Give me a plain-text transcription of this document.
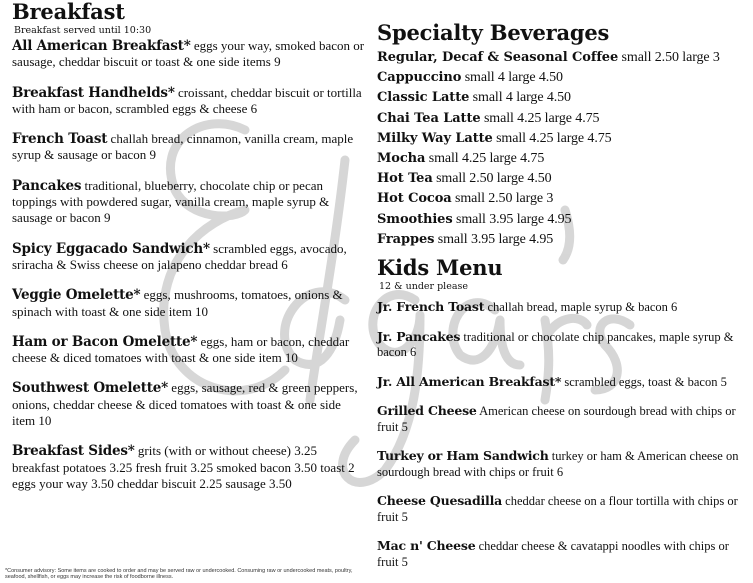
Breakfast
Breakfast served until 10:30
All American Breakfast* eggs your way, smoked bacon or sausage, cheddar biscuit or toast & one side items 9
Breakfast Handhelds* croissant, cheddar biscuit or tortilla with ham or bacon, scrambled eggs & cheese 6
French Toast challah bread, cinnamon, vanilla cream, maple syrup & sausage or bacon 9
Pancakes traditional, blueberry, chocolate chip or pecan toppings with powdered sugar, vanilla cream, maple syrup & sausage or bacon 9
Spicy Eggacado Sandwich* scrambled eggs, avocado, sriracha & Swiss cheese on jalapeno cheddar bread 6
Veggie Omelette* eggs, mushrooms, tomatoes, onions & spinach with toast & one side item 10
Ham or Bacon Omelette* eggs, ham or bacon, cheddar cheese & diced tomatoes with toast & one side item 10
Southwest Omelette* eggs, sausage, red & green peppers, onions, cheddar cheese & diced tomatoes with toast & one side item 10
Breakfast Sides* grits (with or without cheese) 3.25 breakfast potatoes 3.25 fresh fruit 3.25 smoked bacon 3.50 toast 2 eggs your way 3.50 cheddar biscuit 2.25 sausage 3.50
Specialty Beverages
Regular, Decaf & Seasonal Coffee small 2.50 large 3
Cappuccino small 4 large 4.50
Classic Latte small 4 large 4.50
Chai Tea Latte small 4.25 large 4.75
Milky Way Latte small 4.25 large 4.75
Mocha small 4.25 large 4.75
Hot Tea small 2.50 large 4.50
Hot Cocoa small 2.50 large 3
Smoothies small 3.95 large 4.95
Frappes small 3.95 large 4.95
Kids Menu
12 & under please
Jr. French Toast challah bread, maple syrup & bacon 6
Jr. Pancakes traditional or chocolate chip pancakes, maple syrup & bacon 6
Jr. All American Breakfast* scrambled eggs, toast & bacon 5
Grilled Cheese American cheese on sourdough bread with chips or fruit 5
Turkey or Ham Sandwich turkey or ham & American cheese on sourdough bread with chips or fruit 6
Cheese Quesadilla cheddar cheese on a flour tortilla with chips or fruit 5
Mac n' Cheese cheddar cheese & cavatappi noodles with chips or fruit 5
*Consumer advisory: Some items are cooked to order and may be served raw or undercooked. Consuming raw or undercooked meats, poultry, seafood, shellfish, or eggs may increase the risk of foodborne illness.
